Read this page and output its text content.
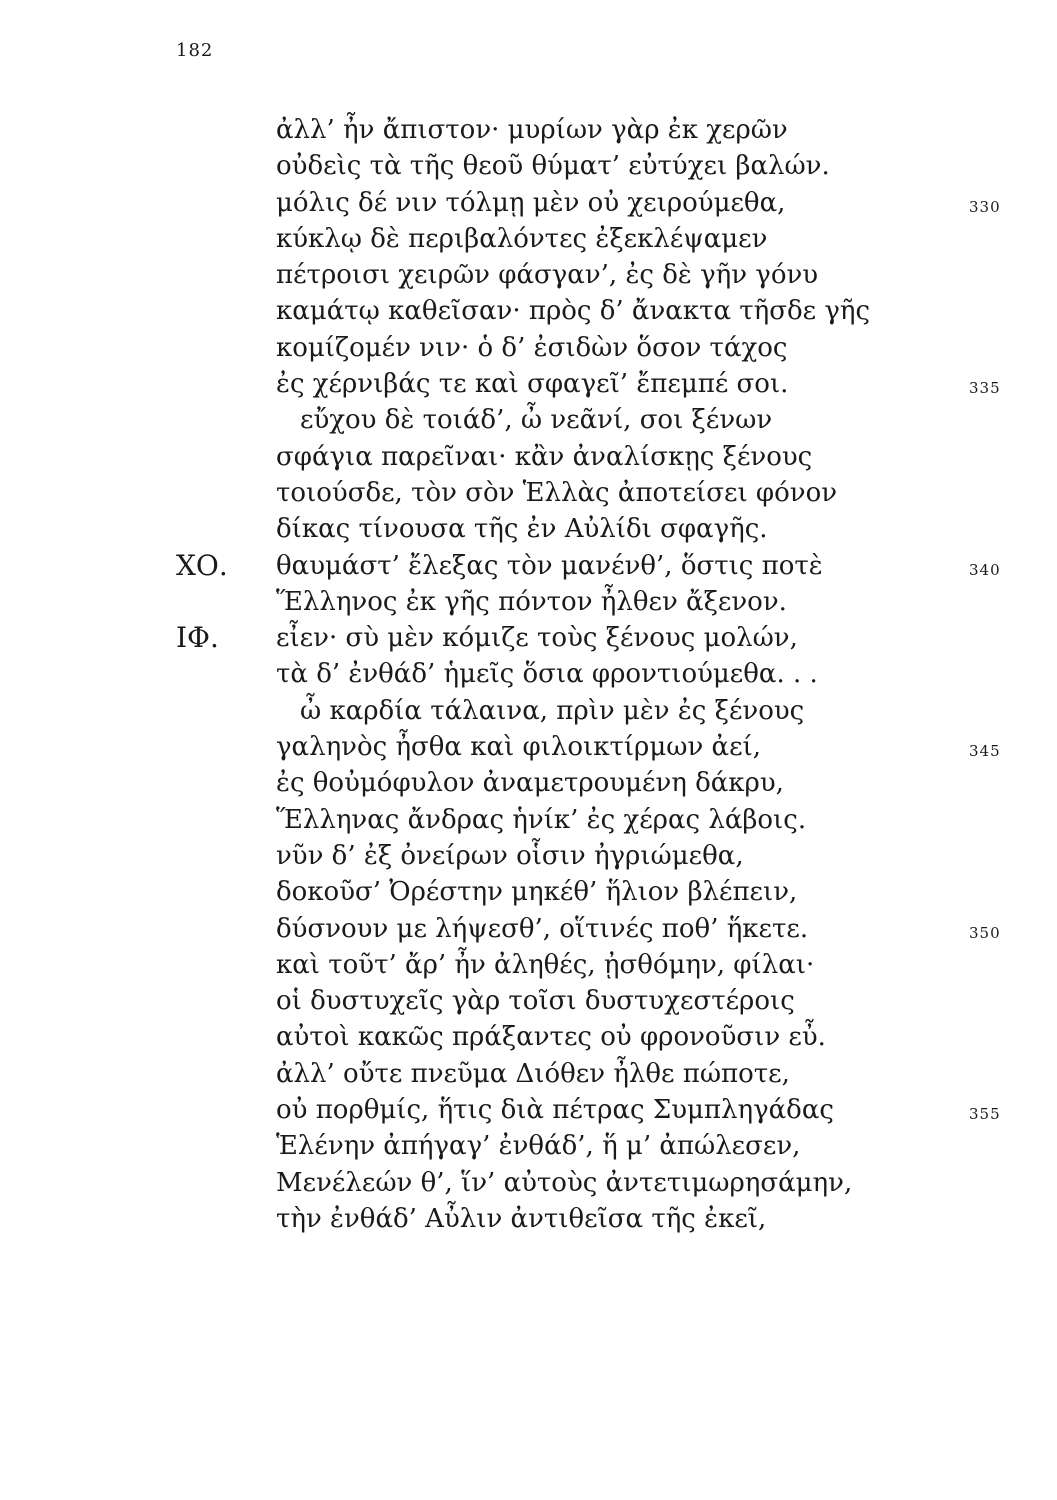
182
ἀλλ’ ἦν ἄπιστον· μυρίων γὰρ ἐκ χερῶν
οὐδεὶς τὰ τῆς θεοῦ θύματ’ εὐτύχει βαλών.
μόλις δέ νιν τόλμῃ μὲν οὐ χειρούμεθα,	330
κύκλῳ δὲ περιβαλόντες ἐξεκλέψαμεν
πέτροισι χειρῶν φάσγαν’, ἐς δὲ γῆν γόνυ
καμάτῳ καθεῖσαν· πρὸς δ’ ἄνακτα τῆσδε γῆς
κομίζομέν νιν· ὁ δ’ ἐσιδὼν ὅσον τάχος
ἐς χέρνιβάς τε καὶ σφαγεῖ’ ἔπεμπέ σοι.	335
εὔχου δὲ τοιάδ’, ὦ νεᾶνί, σοι ξένων
σφάγια παρεῖναι· κἂν ἀναλίσκῃς ξένους
τοιούσδε, τὸν σὸν Ἑλλὰς ἀποτείσει φόνον
δίκας τίνουσα τῆς ἐν Αὐλίδι σφαγῆς.
ΧΟ. θαυμάστ’ ἔλεξας τὸν μανένθ’, ὅστις ποτὲ	340
Ἕλληνος ἐκ γῆς πόντον ἦλθεν ἄξενον.
ΙΦ. εἶεν· σὺ μὲν κόμιζε τοὺς ξένους μολών,
τὰ δ’ ἐνθάδ’ ἡμεῖς ὅσια φροντιούμεθα. . .
ὦ καρδία τάλαινα, πρὶν μὲν ἐς ξένους
γαληνὸς ἦσθα καὶ φιλοικτίρμων ἀεί,	345
ἐς θοὐμόφυλον ἀναμετρουμένη δάκρυ,
Ἕλληνας ἄνδρας ἡνίκ’ ἐς χέρας λάβοις.
νῦν δ’ ἐξ ὀνείρων οἷσιν ἠγριώμεθα,
δοκοῦσ’ Ὀρέστην μηκέθ’ ἥλιον βλέπειν,
δύσνουν με λήψεσθ’, οἵτινές ποθ’ ἥκετε.	350
καὶ τοῦτ’ ἄρ’ ἦν ἀληθές, ᾐσθόμην, φίλαι·
οἱ δυστυχεῖς γὰρ τοῖσι δυστυχεστέροις
αὐτοὶ κακῶς πράξαντες οὐ φρονοῦσιν εὖ.
ἀλλ’ οὔτε πνεῦμα Διόθεν ἦλθε πώποτε,
οὐ πορθμίς, ἥτις διὰ πέτρας Συμπληγάδας	355
Ἑλένην ἀπήγαγ’ ἐνθάδ’, ἥ μ’ ἀπώλεσεν,
Μενέλεών θ’, ἵν’ αὐτοὺς ἀντετιμωρησάμην,
τὴν ἐνθάδ’ Αὖλιν ἀντιθεῖσα τῆς ἐκεῖ,
